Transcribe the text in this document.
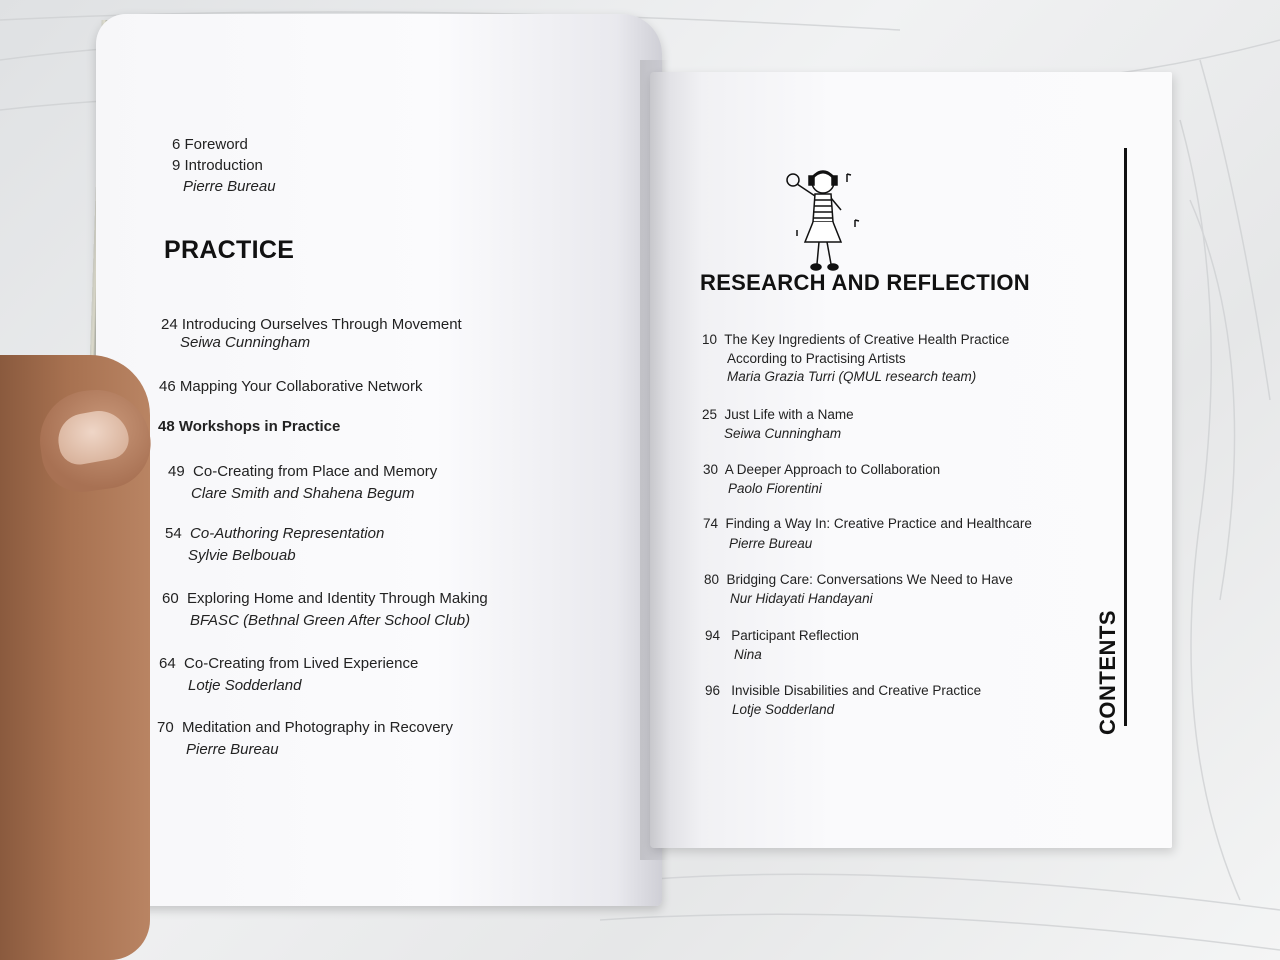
6 Foreword
9 Introduction
Pierre Bureau
PRACTICE
24 Introducing Ourselves Through Movement
Seiwa Cunningham
46 Mapping Your Collaborative Network
48 Workshops in Practice
49 Co-Creating from Place and Memory
Clare Smith and Shahena Begum
54 Co-Authoring Representation
Sylvie Belbouab
60 Exploring Home and Identity Through Making
BFASC (Bethnal Green After School Club)
64 Co-Creating from Lived Experience
Lotje Sodderland
70 Meditation and Photography in Recovery
Pierre Bureau
RESEARCH AND REFLECTION
10 The Key Ingredients of Creative Health Practice
According to Practising Artists
Maria Grazia Turri (QMUL research team)
25 Just Life with a Name
Seiwa Cunningham
30 A Deeper Approach to Collaboration
Paolo Fiorentini
74 Finding a Way In: Creative Practice and Healthcare
Pierre Bureau
80 Bridging Care: Conversations We Need to Have
Nur Hidayati Handayani
94 Participant Reflection
Nina
96 Invisible Disabilities and Creative Practice
Lotje Sodderland	CONTENTS
